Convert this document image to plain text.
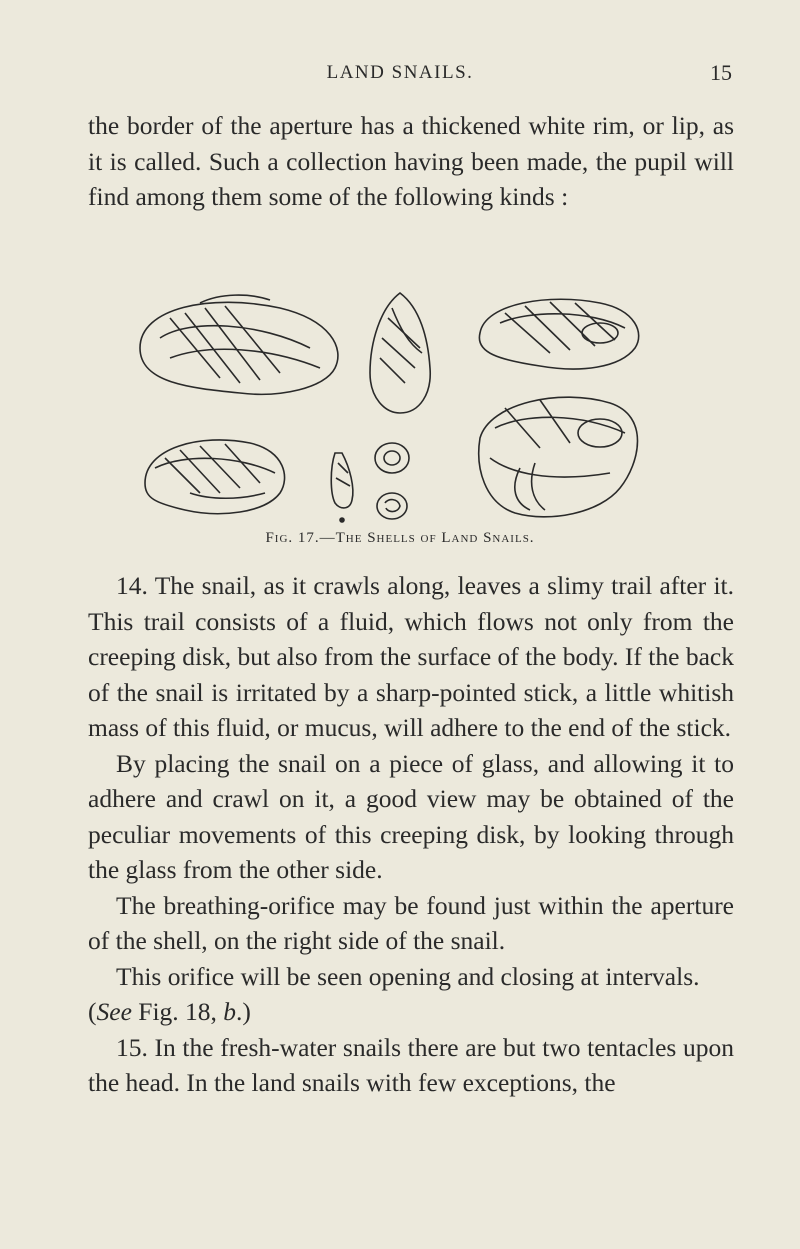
LAND SNAILS.	15

the border of the aperture has a thickened white rim, or lip, as it is called. Such a collection having been made, the pupil will find among them some of the following kinds :

Fig. 17.—The Shells of Land Snails.

14. The snail, as it crawls along, leaves a slimy trail after it. This trail consists of a fluid, which flows not only from the creeping disk, but also from the surface of the body. If the back of the snail is irritated by a sharp-pointed stick, a little whitish mass of this fluid, or mucus, will adhere to the end of the stick.

By placing the snail on a piece of glass, and allowing it to adhere and crawl on it, a good view may be obtained of the peculiar movements of this creeping disk, by looking through the glass from the other side.

The breathing-orifice may be found just within the aperture of the shell, on the right side of the snail.

This orifice will be seen opening and closing at intervals.

(See Fig. 18, b.)

15. In the fresh-water snails there are but two tentacles upon the head. In the land snails with few exceptions, the
